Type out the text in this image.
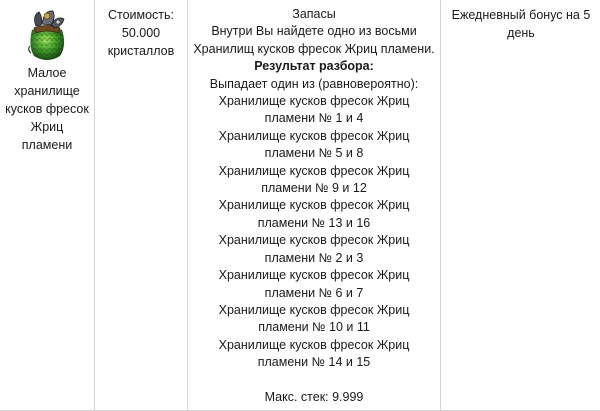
Малое хранилище кусков фресок Жриц пламени

Стоимость:
50.000 кристаллов

Запасы
Внутри Вы найдете одно из восьми Хранилищ кусков фресок Жриц пламени.
Результат разбора:
Выпадает один из (равновероятно):
Хранилище кусков фресок Жриц пламени № 1 и 4
Хранилище кусков фресок Жриц пламени № 5 и 8
Хранилище кусков фресок Жриц пламени № 9 и 12
Хранилище кусков фресок Жриц пламени № 13 и 16
Хранилище кусков фресок Жриц пламени № 2 и 3
Хранилище кусков фресок Жриц пламени № 6 и 7
Хранилище кусков фресок Жриц пламени № 10 и 11
Хранилище кусков фресок Жриц пламени № 14 и 15
Макс. стек: 9.999

Ежедневный бонус на 5 день
